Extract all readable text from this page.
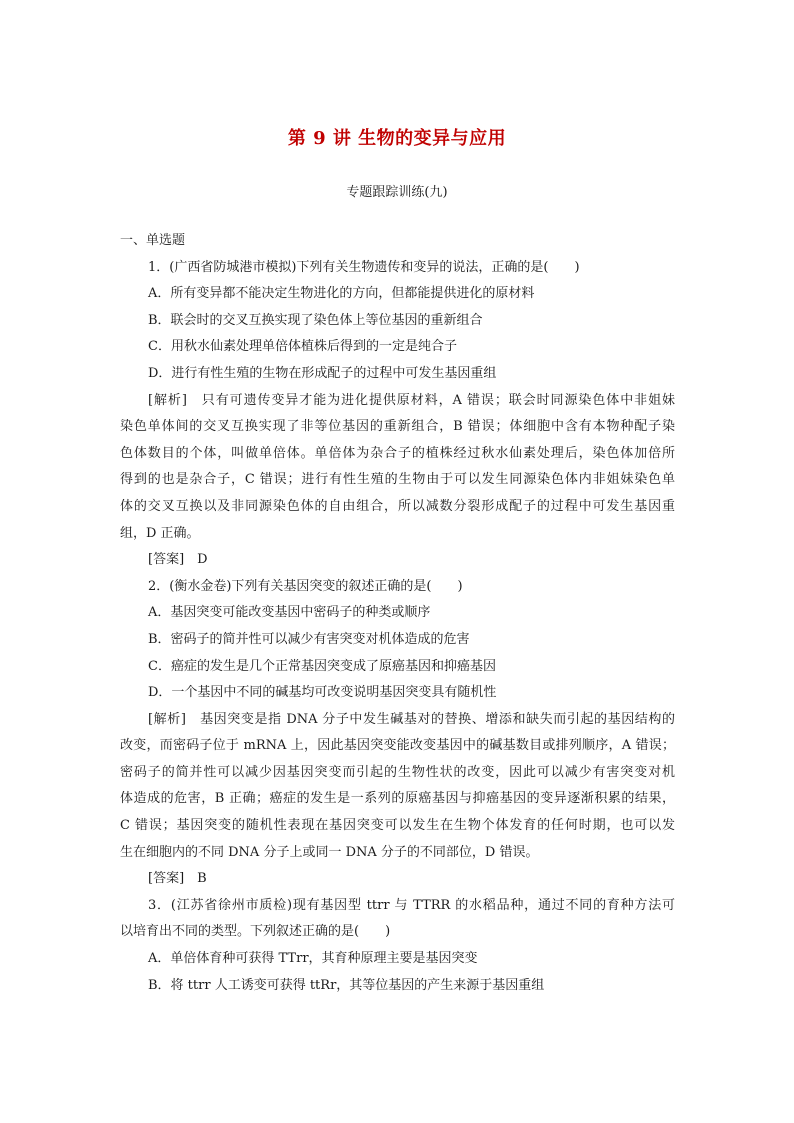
第 9 讲 生物的变异与应用
专题跟踪训练(九)
一、单选题
1．(广西省防城港市模拟)下列有关生物遗传和变异的说法，正确的是(　　)
A．所有变异都不能决定生物进化的方向，但都能提供进化的原材料
B．联会时的交叉互换实现了染色体上等位基因的重新组合
C．用秋水仙素处理单倍体植株后得到的一定是纯合子
D．进行有性生殖的生物在形成配子的过程中可发生基因重组
[解析]　只有可遗传变异才能为进化提供原材料，A 错误；联会时同源染色体中非姐妹
染色单体间的交叉互换实现了非等位基因的重新组合，B 错误；体细胞中含有本物种配子染
色体数目的个体，叫做单倍体。单倍体为杂合子的植株经过秋水仙素处理后，染色体加倍所
得到的也是杂合子，C 错误；进行有性生殖的生物由于可以发生同源染色体内非姐妹染色单
体的交叉互换以及非同源染色体的自由组合，所以减数分裂形成配子的过程中可发生基因重
组，D 正确。
[答案]　D
2．(衡水金卷)下列有关基因突变的叙述正确的是(　　)
A．基因突变可能改变基因中密码子的种类或顺序
B．密码子的简并性可以减少有害突变对机体造成的危害
C．癌症的发生是几个正常基因突变成了原癌基因和抑癌基因
D．一个基因中不同的碱基均可改变说明基因突变具有随机性
[解析]　基因突变是指 DNA 分子中发生碱基对的替换、增添和缺失而引起的基因结构的
改变，而密码子位于 mRNA 上，因此基因突变能改变基因中的碱基数目或排列顺序，A 错误；
密码子的简并性可以减少因基因突变而引起的生物性状的改变，因此可以减少有害突变对机
体造成的危害，B 正确；癌症的发生是一系列的原癌基因与抑癌基因的变异逐渐积累的结果，
C 错误；基因突变的随机性表现在基因突变可以发生在生物个体发育的任何时期，也可以发
生在细胞内的不同 DNA 分子上或同一 DNA 分子的不同部位，D 错误。
[答案]　B
3．(江苏省徐州市质检)现有基因型 ttrr 与 TTRR 的水稻品种，通过不同的育种方法可
以培育出不同的类型。下列叙述正确的是(　　)
A．单倍体育种可获得 TTrr，其育种原理主要是基因突变
B．将 ttrr 人工诱变可获得 ttRr，其等位基因的产生来源于基因重组
